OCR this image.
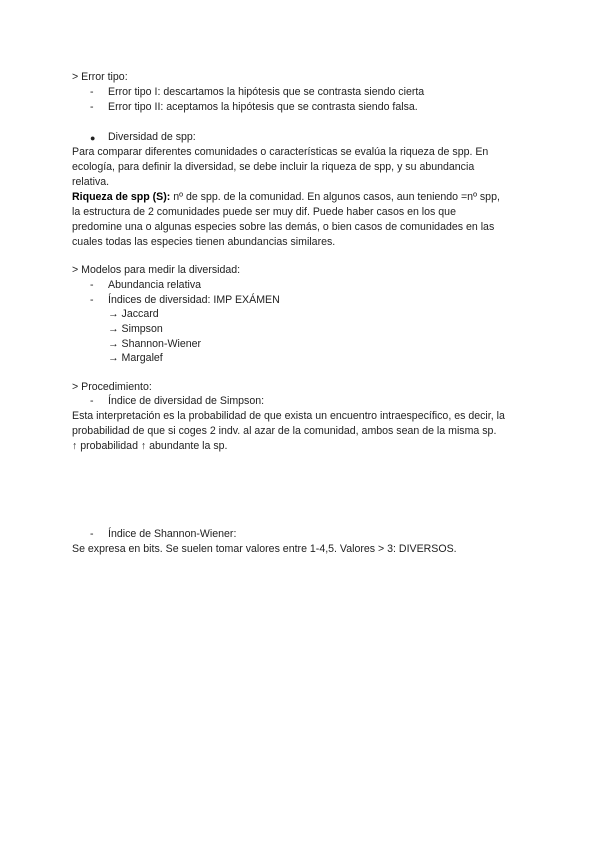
> Error tipo:
- Error tipo I: descartamos la hipótesis que se contrasta siendo cierta
- Error tipo II: aceptamos la hipótesis que se contrasta siendo falsa.
● Diversidad de spp:
Para comparar diferentes comunidades o características se evalúa la riqueza de spp. En
ecología, para definir la diversidad, se debe incluir la riqueza de spp, y su abundancia
relativa.
Riqueza de spp (S): nº de spp. de la comunidad. En algunos casos, aun teniendo =nº spp,
la estructura de 2 comunidades puede ser muy dif. Puede haber casos en los que
predomine una o algunas especies sobre las demás, o bien casos de comunidades en las
cuales todas las especies tienen abundancias similares.
> Modelos para medir la diversidad:
- Abundancia relativa
- Índices de diversidad: IMP EXÁMEN
→ Jaccard
→ Simpson
→ Shannon-Wiener
→ Margalef
> Procedimiento:
- Índice de diversidad de Simpson:
Esta interpretación es la probabilidad de que exista un encuentro intraespecífico, es decir, la
probabilidad de que si coges 2 indv. al azar de la comunidad, ambos sean de la misma sp.
↑ probabilidad ↑ abundante la sp.
- Índice de Shannon-Wiener:
Se expresa en bits. Se suelen tomar valores entre 1-4,5. Valores > 3: DIVERSOS.
